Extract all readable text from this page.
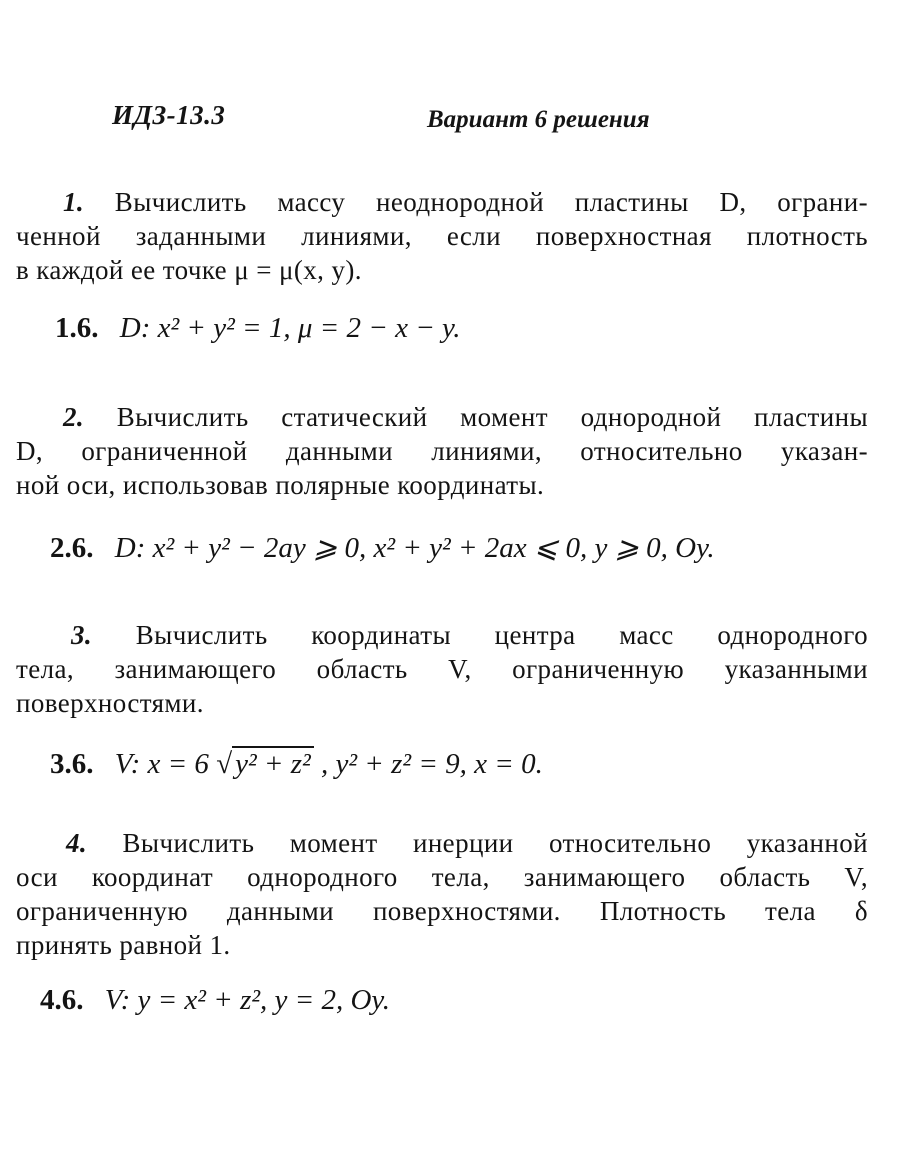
ИДЗ-13.3	Вариант 6 решения
1. Вычислить массу неоднородной пластины D, ограни-
ченной заданными линиями, если поверхностная плотность
в каждой ее точке μ = μ(x, y).
1.6. D: x² + y² = 1, μ = 2 − x − y.
2. Вычислить статический момент однородной пластины
D, ограниченной данными линиями, относительно указан-
ной оси, использовав полярные координаты.
2.6. D: x² + y² − 2ay ⩾ 0, x² + y² + 2ax ⩽ 0, y ⩾ 0, Oy.
3. Вычислить координаты центра масс однородного
тела, занимающего область V, ограниченную указанными
поверхностями.
3.6. V: x = 6 √ y² + z² , y² + z² = 9, x = 0.
4. Вычислить момент инерции относительно указанной
оси координат однородного тела, занимающего область V,
ограниченную данными поверхностями. Плотность тела δ
принять равной 1.
4.6. V: y = x² + z², y = 2, Oy.
